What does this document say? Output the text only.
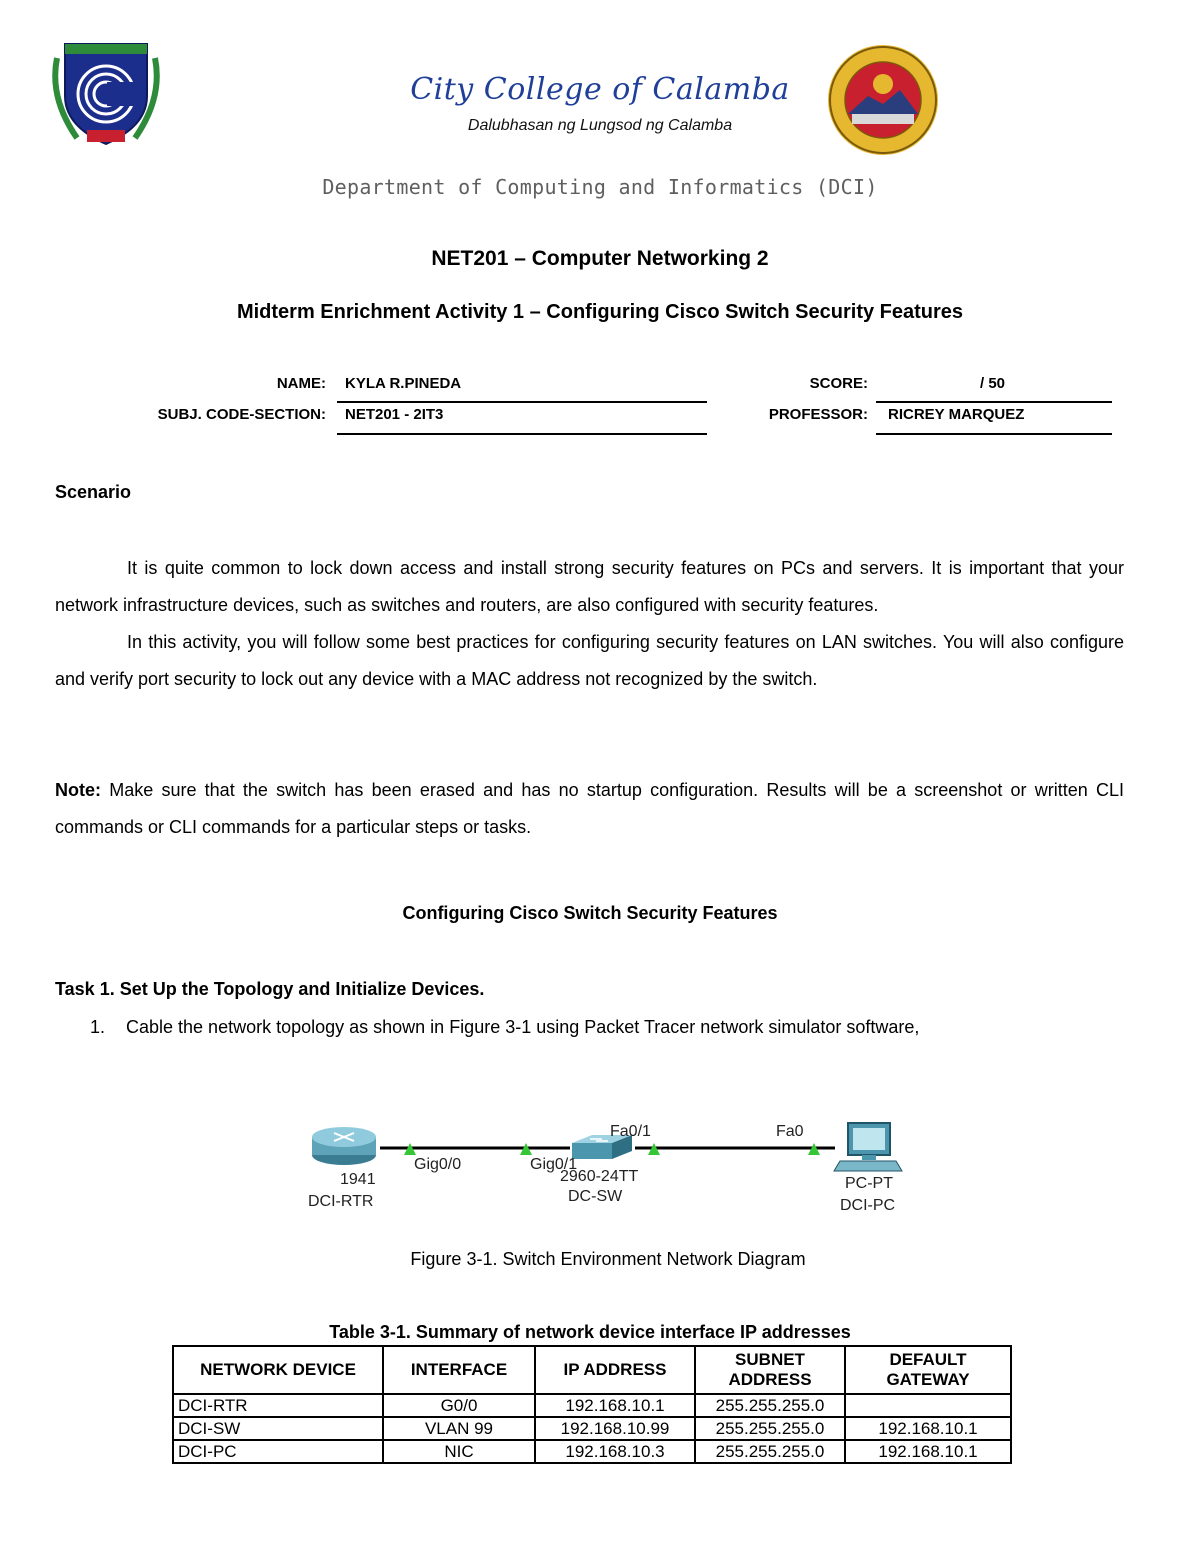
City College of Calamba
Dalubhasan ng Lungsod ng Calamba
Department of Computing and Informatics (DCI)
NET201 – Computer Networking 2
Midterm Enrichment Activity 1 – Configuring Cisco Switch Security Features
NAME: KYLA R.PINEDA	SCORE:	/ 50
SUBJ. CODE-SECTION: NET201 - 2IT3	PROFESSOR: RICREY MARQUEZ
Scenario

It is quite common to lock down access and install strong security features on PCs and servers. It is important that your network infrastructure devices, such as switches and routers, are also configured with security features.

In this activity, you will follow some best practices for configuring security features on LAN switches. You will also configure and verify port security to lock out any device with a MAC address not recognized by the switch.

Note: Make sure that the switch has been erased and has no startup configuration. Results will be a screenshot or written CLI commands or CLI commands for a particular steps or tasks.

Configuring Cisco Switch Security Features
Task 1. Set Up the Topology and Initialize Devices.
1. Cable the network topology as shown in Figure 3-1 using Packet Tracer network simulator software,
Gig0/0	Gig0/1
Fa0/1	Fa0
1941
DCI-RTR
2960-24TT
DC-SW
PC-PT
DCI-PC
Figure 3-1. Switch Environment Network Diagram
Table 3-1. Summary of network device interface IP addresses
NETWORK DEVICE	INTERFACE	IP ADDRESS	SUBNET ADDRESS	DEFAULT GATEWAY
DCI-RTR	G0/0	192.168.10.1	255.255.255.0	
DCI-SW	VLAN 99	192.168.10.99	255.255.255.0	192.168.10.1
DCI-PC	NIC	192.168.10.3	255.255.255.0	192.168.10.1
